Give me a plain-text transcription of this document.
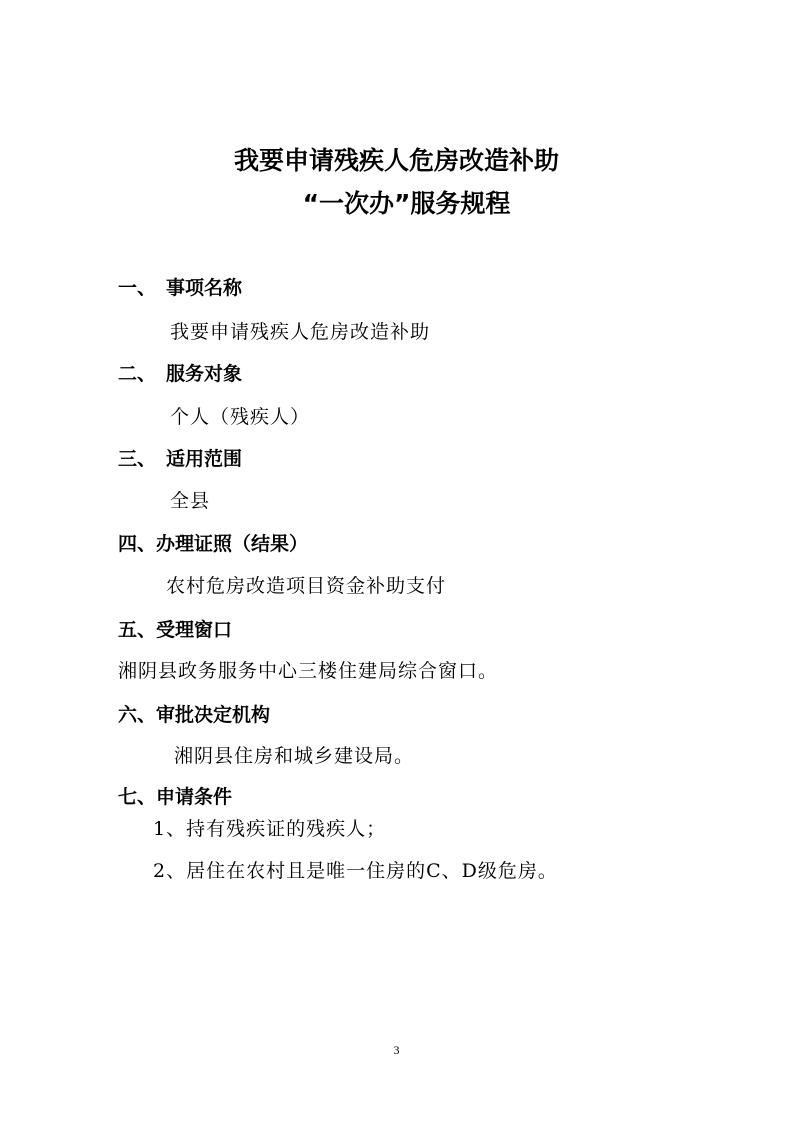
我要申请残疾人危房改造补助
“一次办”服务规程
一、 事项名称
我要申请残疾人危房改造补助
二、 服务对象
个人（残疾人）
三、 适用范围
全县
四、办理证照（结果）
农村危房改造项目资金补助支付
五、受理窗口
湘阴县政务服务中心三楼住建局综合窗口。
六、审批决定机构
湘阴县住房和城乡建设局。
七、申请条件
1、持有残疾证的残疾人；
2、居住在农村且是唯一住房的C、D级危房。
3
